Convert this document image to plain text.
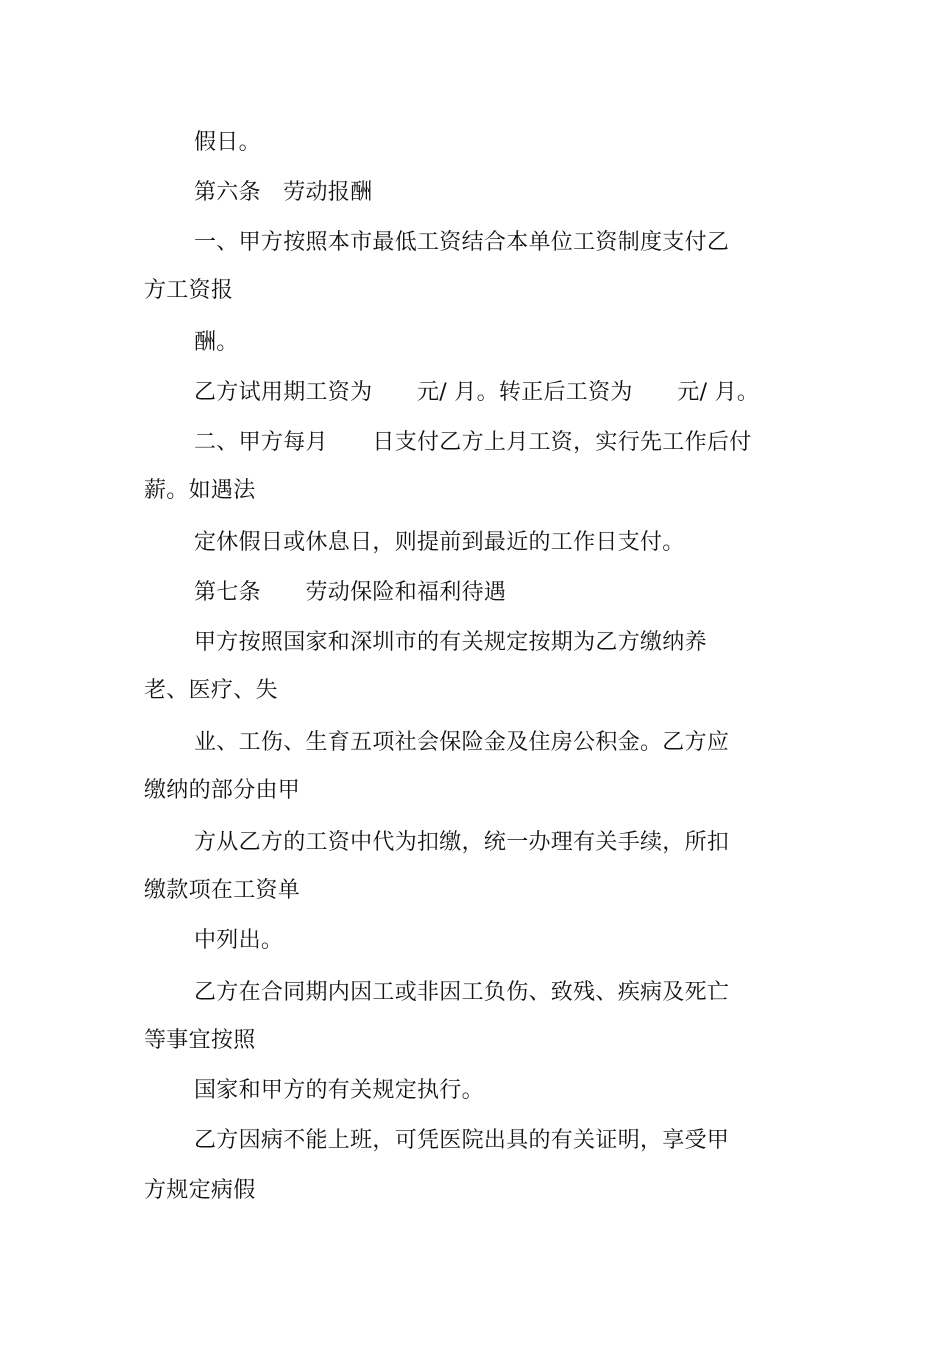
假日。
第六条　劳动报酬
一、甲方按照本市最低工资结合本单位工资制度支付乙
方工资报
酬。
乙方试用期工资为　　元/ 月。转正后工资为　　元/ 月。
二、甲方每月　　日支付乙方上月工资，实行先工作后付
薪。如遇法
定休假日或休息日，则提前到最近的工作日支付。
第七条　　劳动保险和福利待遇
甲方按照国家和深圳市的有关规定按期为乙方缴纳养
老、医疗、失
业、工伤、生育五项社会保险金及住房公积金。乙方应
缴纳的部分由甲
方从乙方的工资中代为扣缴，统一办理有关手续，所扣
缴款项在工资单
中列出。
乙方在合同期内因工或非因工负伤、致残、疾病及死亡
等事宜按照
国家和甲方的有关规定执行。
乙方因病不能上班，可凭医院出具的有关证明，享受甲
方规定病假
